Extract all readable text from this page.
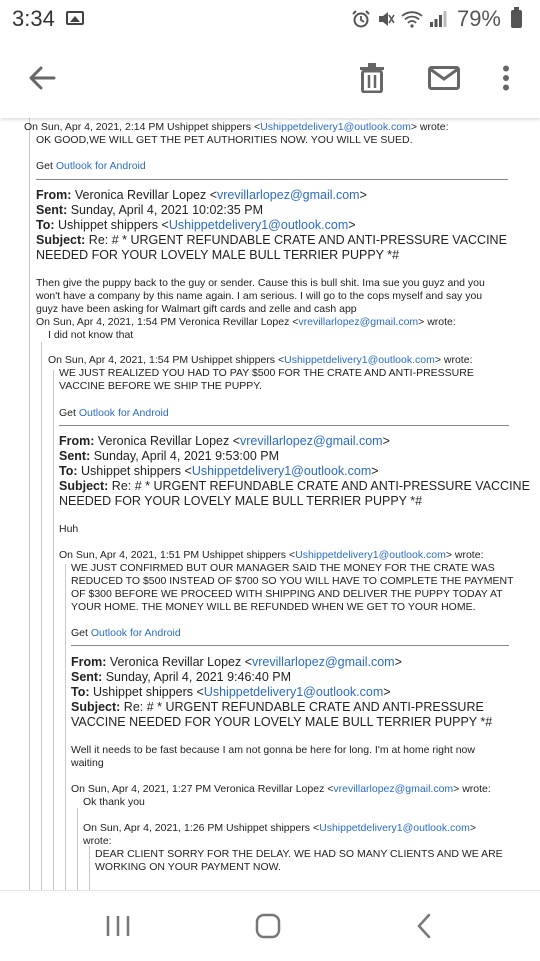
3:34	79%
On Sun, Apr 4, 2021, 2:14 PM Ushippet shippers <Ushippetdelivery1@outlook.com> wrote:
OK GOOD,WE WILL GET THE PET AUTHORITIES NOW. YOU WILL VE SUED.
Get Outlook for Android
From: Veronica Revillar Lopez <vrevillarlopez@gmail.com>
Sent: Sunday, April 4, 2021 10:02:35 PM
To: Ushippet shippers <Ushippetdelivery1@outlook.com>
Subject: Re: # * URGENT REFUNDABLE CRATE AND ANTI-PRESSURE VACCINE
NEEDED FOR YOUR LOVELY MALE BULL TERRIER PUPPY *#
Then give the puppy back to the guy or sender. Cause this is bull shit. Ima sue you guyz and you
won't have a company by this name again. I am serious. I will go to the cops myself and say you
guyz have been asking for Walmart gift cards and zelle and cash app
On Sun, Apr 4, 2021, 1:54 PM Veronica Revillar Lopez <vrevillarlopez@gmail.com> wrote:
I did not know that
On Sun, Apr 4, 2021, 1:54 PM Ushippet shippers <Ushippetdelivery1@outlook.com> wrote:
WE JUST REALIZED YOU HAD TO PAY $500 FOR THE CRATE AND ANTI-PRESSURE
VACCINE BEFORE WE SHIP THE PUPPY.
Get Outlook for Android
From: Veronica Revillar Lopez <vrevillarlopez@gmail.com>
Sent: Sunday, April 4, 2021 9:53:00 PM
To: Ushippet shippers <Ushippetdelivery1@outlook.com>
Subject: Re: # * URGENT REFUNDABLE CRATE AND ANTI-PRESSURE VACCINE
NEEDED FOR YOUR LOVELY MALE BULL TERRIER PUPPY *#
Huh
On Sun, Apr 4, 2021, 1:51 PM Ushippet shippers <Ushippetdelivery1@outlook.com> wrote:
WE JUST CONFIRMED BUT OUR MANAGER SAID THE MONEY FOR THE CRATE WAS
REDUCED TO $500 INSTEAD OF $700 SO YOU WILL HAVE TO COMPLETE THE PAYMENT
OF $300 BEFORE WE PROCEED WITH SHIPPING AND DELIVER THE PUPPY TODAY AT
YOUR HOME. THE MONEY WILL BE REFUNDED WHEN WE GET TO YOUR HOME.
Get Outlook for Android
From: Veronica Revillar Lopez <vrevillarlopez@gmail.com>
Sent: Sunday, April 4, 2021 9:46:40 PM
To: Ushippet shippers <Ushippetdelivery1@outlook.com>
Subject: Re: # * URGENT REFUNDABLE CRATE AND ANTI-PRESSURE
VACCINE NEEDED FOR YOUR LOVELY MALE BULL TERRIER PUPPY *#
Well it needs to be fast because I am not gonna be here for long. I'm at home right now
waiting
On Sun, Apr 4, 2021, 1:27 PM Veronica Revillar Lopez <vrevillarlopez@gmail.com> wrote:
Ok thank you
On Sun, Apr 4, 2021, 1:26 PM Ushippet shippers <Ushippetdelivery1@outlook.com>
wrote:
DEAR CLIENT SORRY FOR THE DELAY. WE HAD SO MANY CLIENTS AND WE ARE
WORKING ON YOUR PAYMENT NOW.
